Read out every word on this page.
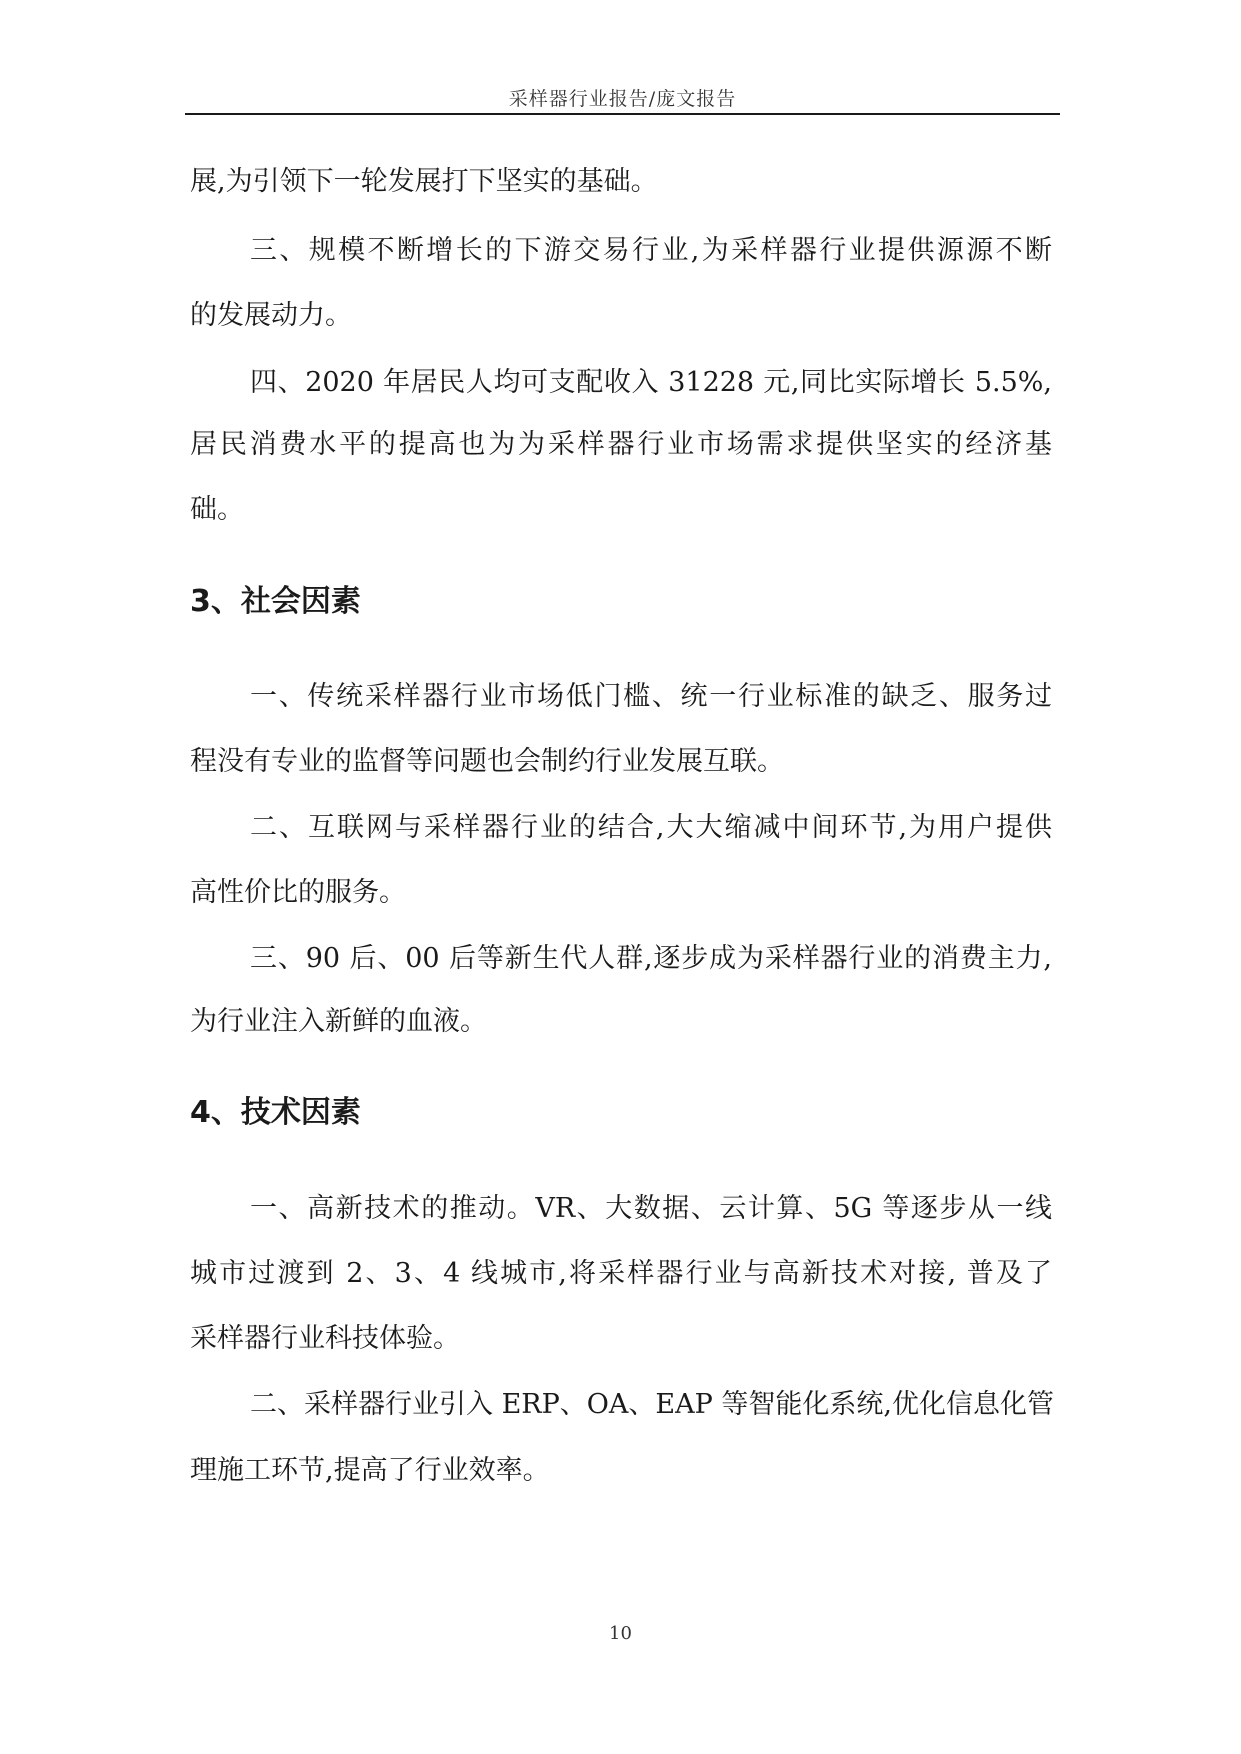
采样器行业报告/庞文报告
展,为引领下一轮发展打下坚实的基础。
三、规模不断增长的下游交易行业,为采样器行业提供源源不断
的发展动力。
四、2020 年居民人均可支配收入 31228 元,同比实际增长 5.5%,
居民消费水平的提高也为为采样器行业市场需求提供坚实的经济基
础。
3、社会因素
一、传统采样器行业市场低门槛、统一行业标准的缺乏、服务过
程没有专业的监督等问题也会制约行业发展互联。
二、互联网与采样器行业的结合,大大缩减中间环节,为用户提供
高性价比的服务。
三、90 后、00 后等新生代人群,逐步成为采样器行业的消费主力,
为行业注入新鲜的血液。
4、技术因素
一、高新技术的推动。VR、大数据、云计算、5G 等逐步从一线
城市过渡到 2、3、4 线城市,将采样器行业与高新技术对接, 普及了
采样器行业科技体验。
二、采样器行业引入 ERP、OA、EAP 等智能化系统,优化信息化管
理施工环节,提高了行业效率。
10
